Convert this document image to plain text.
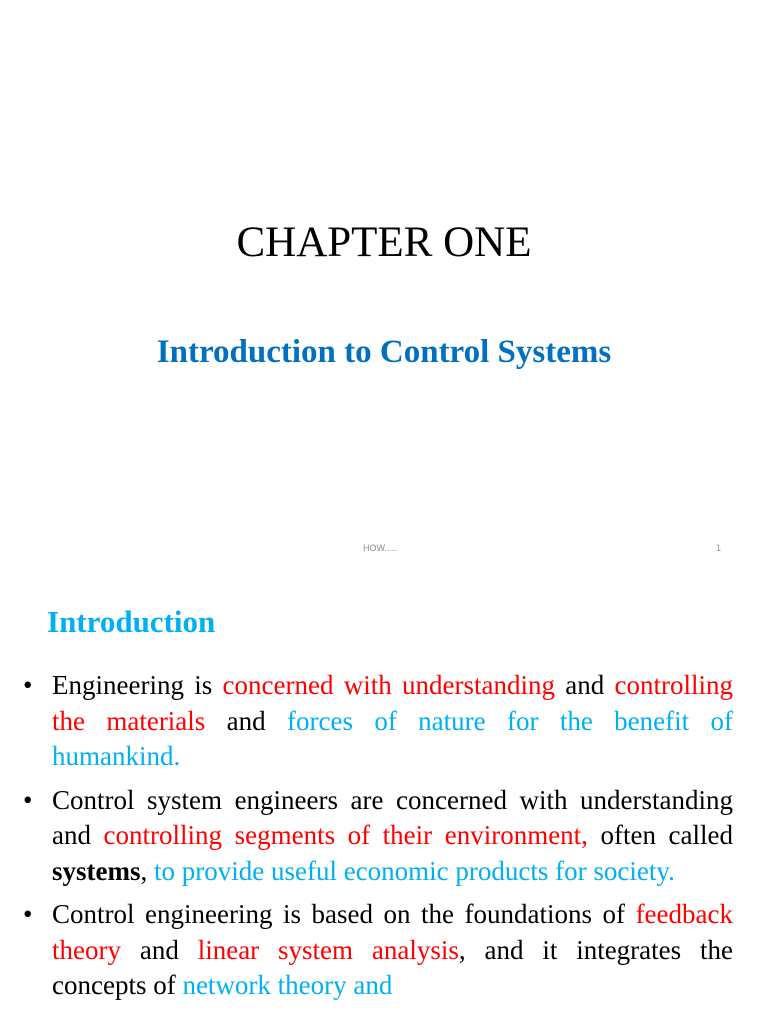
CHAPTER ONE
Introduction to Control Systems
HOW.....	1
Introduction
• Engineering is concerned with understanding and controlling the materials and forces of nature for the benefit of humankind.
• Control system engineers are concerned with understanding and controlling segments of their environment, often called systems, to provide useful economic products for society.
• Control engineering is based on the foundations of feedback theory and linear system analysis, and it integrates the concepts of network theory and
